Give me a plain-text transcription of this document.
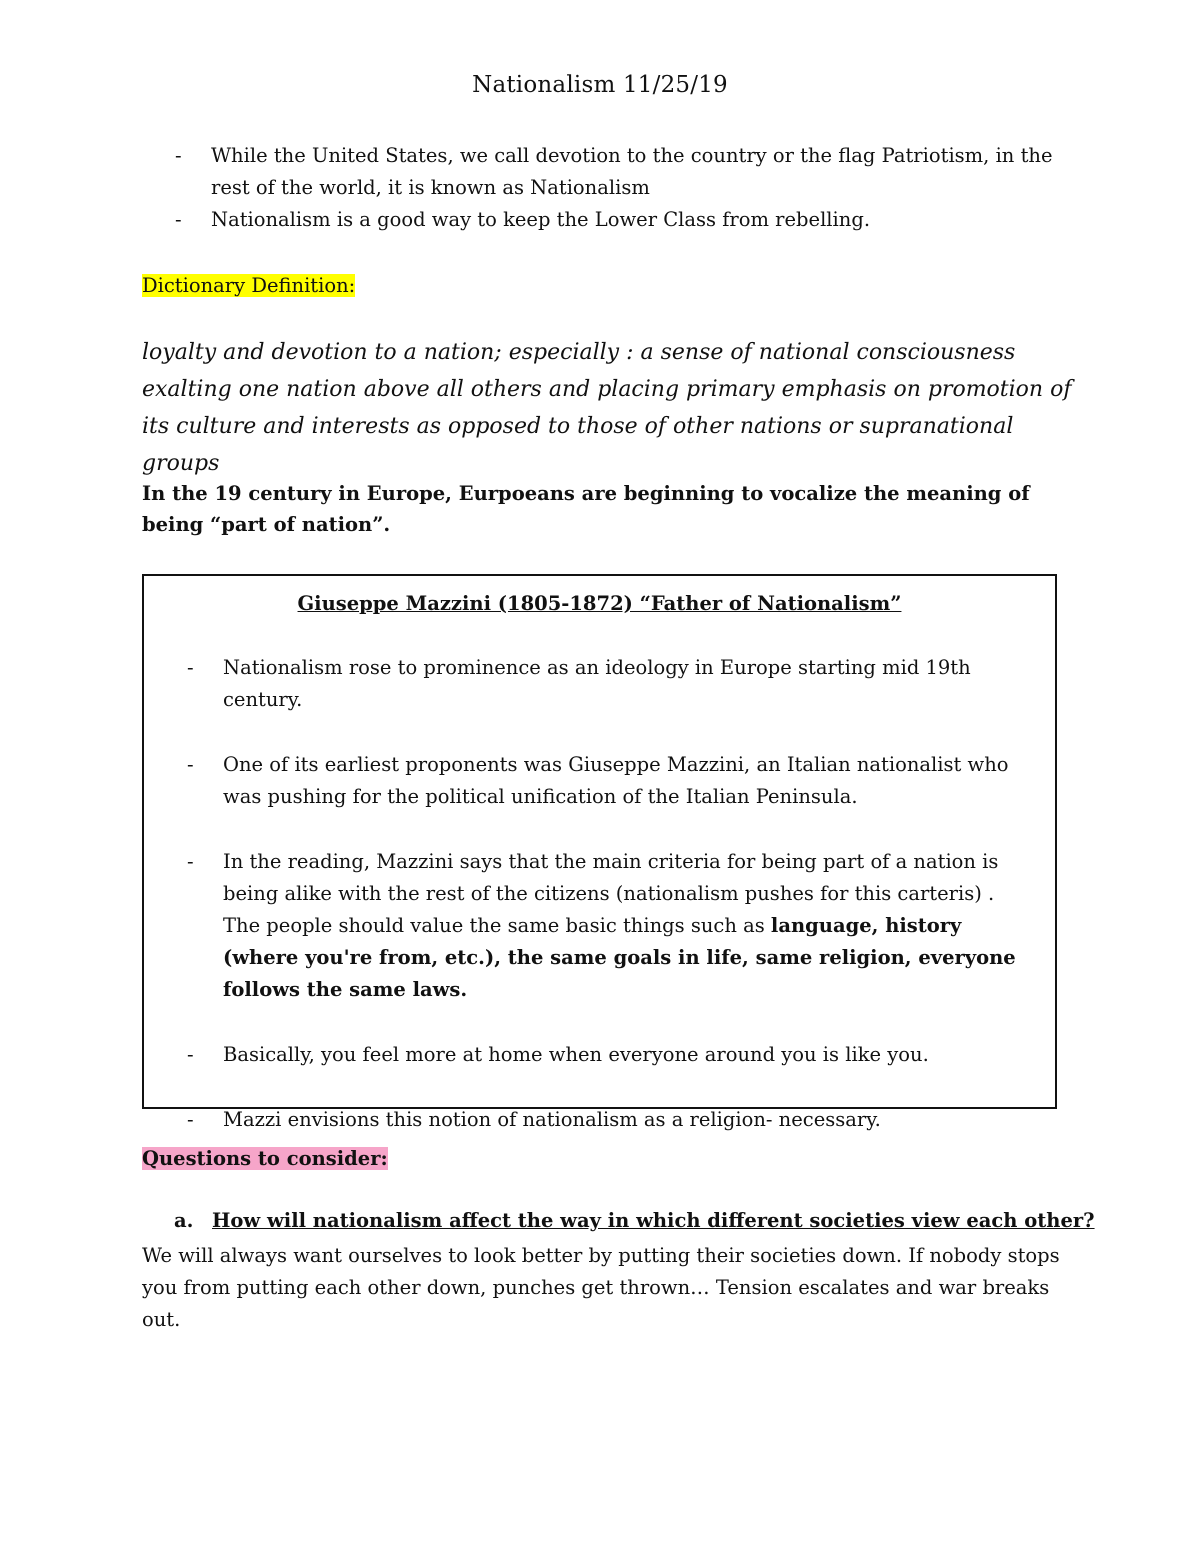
Nationalism 11/25/19
- While the United States, we call devotion to the country or the flag Patriotism, in the rest of the world, it is known as Nationalism
- Nationalism is a good way to keep the Lower Class from rebelling.
Dictionary Definition:
loyalty and devotion to a nation; especially : a sense of national consciousness exalting one nation above all others and placing primary emphasis on promotion of its culture and interests as opposed to those of other nations or supranational groups
In the 19 century in Europe, Eurpoeans are beginning to vocalize the meaning of being “part of nation”.
Giuseppe Mazzini (1805-1872) “Father of Nationalism”
- Nationalism rose to prominence as an ideology in Europe starting mid 19th century.
- One of its earliest proponents was Giuseppe Mazzini, an Italian nationalist who was pushing for the political unification of the Italian Peninsula.
- In the reading, Mazzini says that the main criteria for being part of a nation is being alike with the rest of the citizens (nationalism pushes for this carteris) . The people should value the same basic things such as language, history (where you're from, etc.), the same goals in life, same religion, everyone follows the same laws.
- Basically, you feel more at home when everyone around you is like you.
- Mazzi envisions this notion of nationalism as a religion- necessary.
Questions to consider:
a. How will nationalism affect the way in which different societies view each other?
We will always want ourselves to look better by putting their societies down. If nobody stops you from putting each other down, punches get thrown… Tension escalates and war breaks out.
